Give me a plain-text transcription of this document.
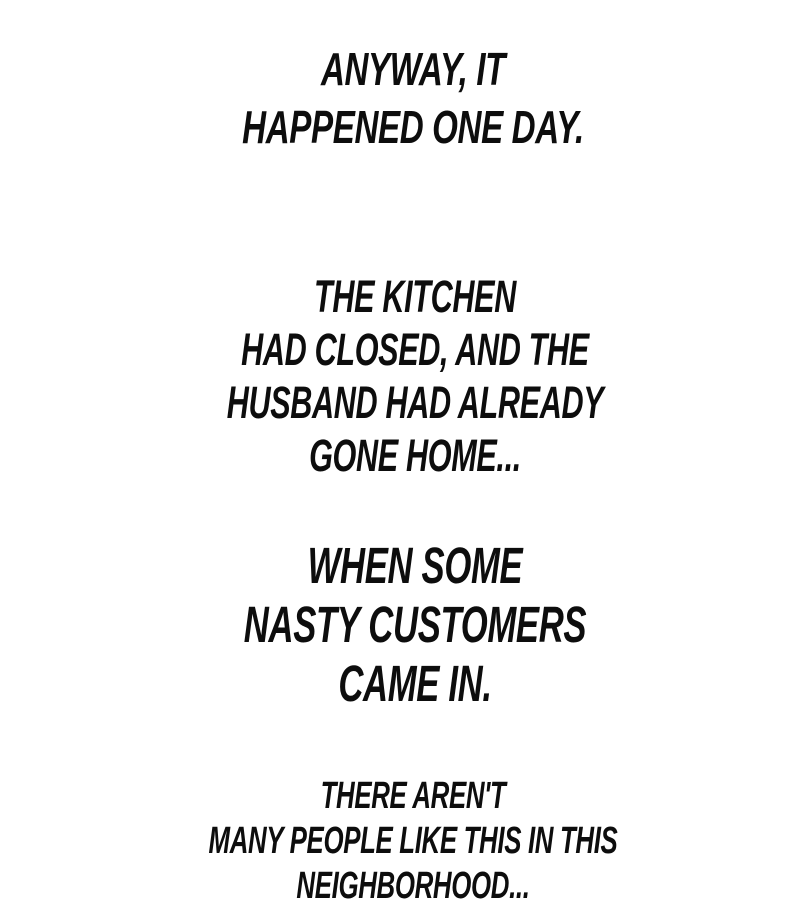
ANYWAY, IT
HAPPENED ONE DAY.
THE KITCHEN
HAD CLOSED, AND THE
HUSBAND HAD ALREADY
GONE HOME...
WHEN SOME
NASTY CUSTOMERS
CAME IN.
THERE AREN'T
MANY PEOPLE LIKE THIS IN THIS
NEIGHBORHOOD...
